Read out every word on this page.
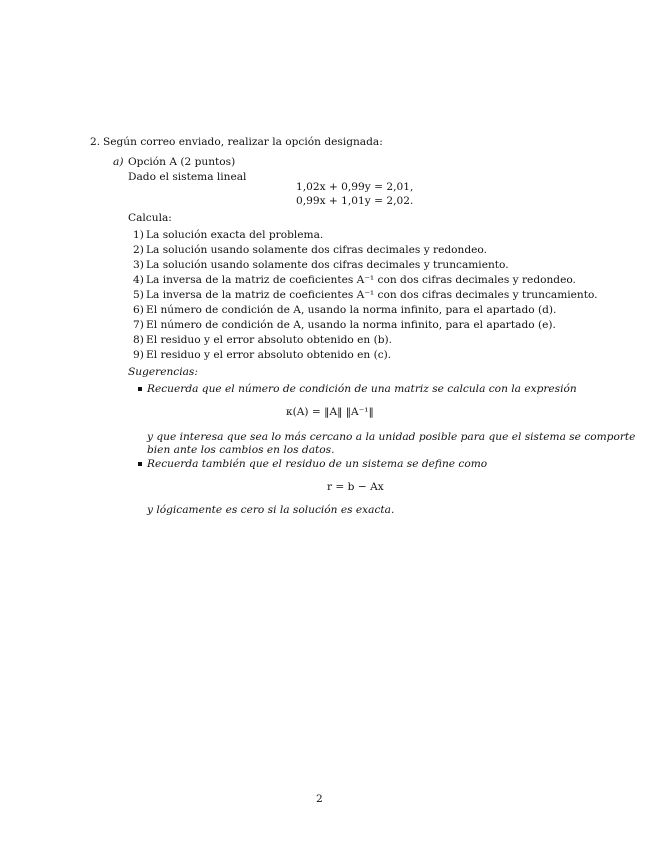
2. Según correo enviado, realizar la opción designada:
a) Opción A (2 puntos)
Dado el sistema lineal
1,02x + 0,99y = 2,01,
0,99x + 1,01y = 2,02.
Calcula:
1) La solución exacta del problema.
2) La solución usando solamente dos cifras decimales y redondeo.
3) La solución usando solamente dos cifras decimales y truncamiento.
4) La inversa de la matriz de coeficientes A⁻¹ con dos cifras decimales y redondeo.
5) La inversa de la matriz de coeficientes A⁻¹ con dos cifras decimales y truncamiento.
6) El número de condición de A, usando la norma infinito, para el apartado (d).
7) El número de condición de A, usando la norma infinito, para el apartado (e).
8) El residuo y el error absoluto obtenido en (b).
9) El residuo y el error absoluto obtenido en (c).
Sugerencias:
Recuerda que el número de condición de una matriz se calcula con la expresión
κ(A) = ‖A‖ ‖A⁻¹‖
y que interesa que sea lo más cercano a la unidad posible para que el sistema se comporte
bien ante los cambios en los datos.
Recuerda también que el residuo de un sistema se define como
r = b − Ax
y lógicamente es cero si la solución es exacta.
2
